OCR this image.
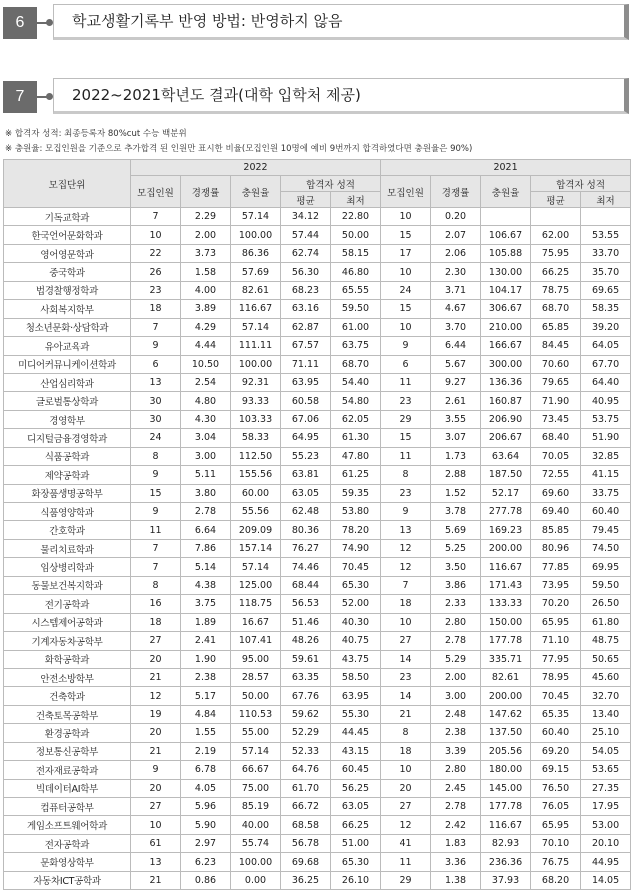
6	학교생활기록부 반영 방법: 반영하지 않음
7	2022~2021학년도 결과(대학 입학처 제공)
※ 합격자 성적: 최종등록자 80%cut 수능 백분위
※ 충원율: 모집인원을 기준으로 추가합격 된 인원만 표시한 비율(모집인원 10명에 예비 9번까지 합격하였다면 충원율은 90%)
모집단위	2022					2021				
	모집인원	경쟁률	충원율	합격자 성적		모집인원	경쟁률	충원율	합격자 성적	
				평균	최저				평균	최저
기독교학과	7	2.29	57.14	34.12	22.80	10	0.20			
한국언어문화학과	10	2.00	100.00	57.44	50.00	15	2.07	106.67	62.00	53.55
영어영문학과	22	3.73	86.36	62.74	58.15	17	2.06	105.88	75.95	33.70
중국학과	26	1.58	57.69	56.30	46.80	10	2.30	130.00	66.25	35.70
법경찰행정학과	23	4.00	82.61	68.23	65.55	24	3.71	104.17	78.75	69.65
사회복지학부	18	3.89	116.67	63.16	59.50	15	4.67	306.67	68.70	58.35
청소년문화·상담학과	7	4.29	57.14	62.87	61.00	10	3.70	210.00	65.85	39.20
유아교육과	9	4.44	111.11	67.57	63.75	9	6.44	166.67	84.45	64.05
미디어커뮤니케이션학과	6	10.50	100.00	71.11	68.70	6	5.67	300.00	70.60	67.70
산업심리학과	13	2.54	92.31	63.95	54.40	11	9.27	136.36	79.65	64.40
글로벌통상학과	30	4.80	93.33	60.58	54.80	23	2.61	160.87	71.90	40.95
경영학부	30	4.30	103.33	67.06	62.05	29	3.55	206.90	73.45	53.75
디지털금융경영학과	24	3.04	58.33	64.95	61.30	15	3.07	206.67	68.40	51.90
식품공학과	8	3.00	112.50	55.23	47.80	11	1.73	63.64	70.05	32.85
제약공학과	9	5.11	155.56	63.81	61.25	8	2.88	187.50	72.55	41.15
화장품생명공학부	15	3.80	60.00	63.05	59.35	23	1.52	52.17	69.60	33.75
식품영양학과	9	2.78	55.56	62.48	53.80	9	3.78	277.78	69.40	60.40
간호학과	11	6.64	209.09	80.36	78.20	13	5.69	169.23	85.85	79.45
물리치료학과	7	7.86	157.14	76.27	74.90	12	5.25	200.00	80.96	74.50
임상병리학과	7	5.14	57.14	74.46	70.45	12	3.50	116.67	77.85	69.95
동물보건복지학과	8	4.38	125.00	68.44	65.30	7	3.86	171.43	73.95	59.50
전기공학과	16	3.75	118.75	56.53	52.00	18	2.33	133.33	70.20	26.50
시스템제어공학과	18	1.89	16.67	51.46	40.30	10	2.80	150.00	65.95	61.80
기계자동차공학부	27	2.41	107.41	48.26	40.75	27	2.78	177.78	71.10	48.75
화학공학과	20	1.90	95.00	59.61	43.75	14	5.29	335.71	77.95	50.65
안전소방학부	21	2.38	28.57	63.35	58.50	23	2.00	82.61	78.95	45.60
건축학과	12	5.17	50.00	67.76	63.95	14	3.00	200.00	70.45	32.70
건축토목공학부	19	4.84	110.53	59.62	55.30	21	2.48	147.62	65.35	13.40
환경공학과	20	1.55	55.00	52.29	44.45	8	2.38	137.50	60.40	25.10
정보통신공학부	21	2.19	57.14	52.33	43.15	18	3.39	205.56	69.20	54.05
전자재료공학과	9	6.78	66.67	64.76	60.45	10	2.80	180.00	69.15	53.65
빅데이터AI학부	20	4.05	75.00	61.70	56.25	20	2.45	145.00	76.50	27.35
컴퓨터공학부	27	5.96	85.19	66.72	63.05	27	2.78	177.78	76.05	17.95
게임소프트웨어학과	10	5.90	40.00	68.58	66.25	12	2.42	116.67	65.95	53.00
전자공학과	61	2.97	55.74	56.78	51.00	41	1.83	82.93	70.10	20.10
문화영상학부	13	6.23	100.00	69.68	65.30	11	3.36	236.36	76.75	44.95
자동차ICT공학과	21	0.86	0.00	36.25	26.10	29	1.38	37.93	68.20	14.05
